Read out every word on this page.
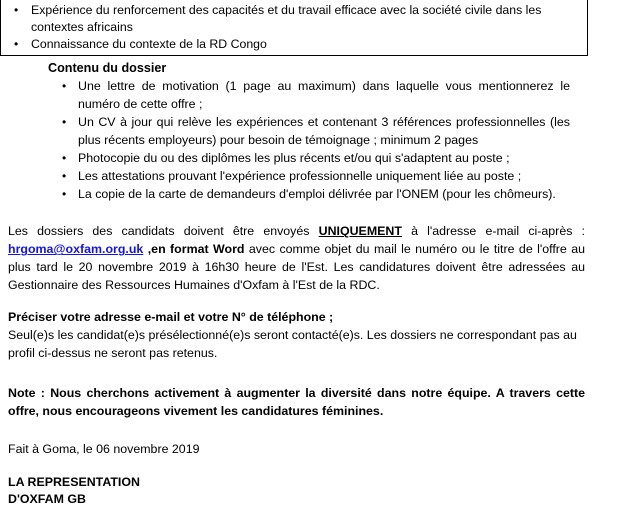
• Expérience du renforcement des capacités et du travail efficace avec la société civile dans les contextes africains
• Connaissance du contexte de la RD Congo
Contenu du dossier
• Une lettre de motivation (1 page au maximum) dans laquelle vous mentionnerez le numéro de cette offre ;
• Un CV à jour qui relève les expériences et contenant 3 références professionnelles (les plus récents employeurs) pour besoin de témoignage ; minimum 2 pages
• Photocopie du ou des diplômes les plus récents et/ou qui s'adaptent au poste ;
• Les attestations prouvant l'expérience professionnelle uniquement liée au poste ;
• La copie de la carte de demandeurs d'emploi délivrée par l'ONEM (pour les chômeurs).

Les dossiers des candidats doivent être envoyés UNIQUEMENT à l'adresse e-mail ci-après : hrgoma@oxfam.org.uk ,en format Word avec comme objet du mail le numéro ou le titre de l'offre au plus tard le 20 novembre 2019 à 16h30 heure de l'Est. Les candidatures doivent être adressées au Gestionnaire des Ressources Humaines d'Oxfam à l'Est de la RDC.

Préciser votre adresse e-mail et votre N° de téléphone ;
Seul(e)s les candidat(e)s présélectionné(e)s seront contacté(e)s. Les dossiers ne correspondant pas au profil ci-dessus ne seront pas retenus.

Note : Nous cherchons activement à augmenter la diversité dans notre équipe. A travers cette offre, nous encourageons vivement les candidatures féminines.

Fait à Goma, le 06 novembre 2019

LA REPRESENTATION
D'OXFAM GB
